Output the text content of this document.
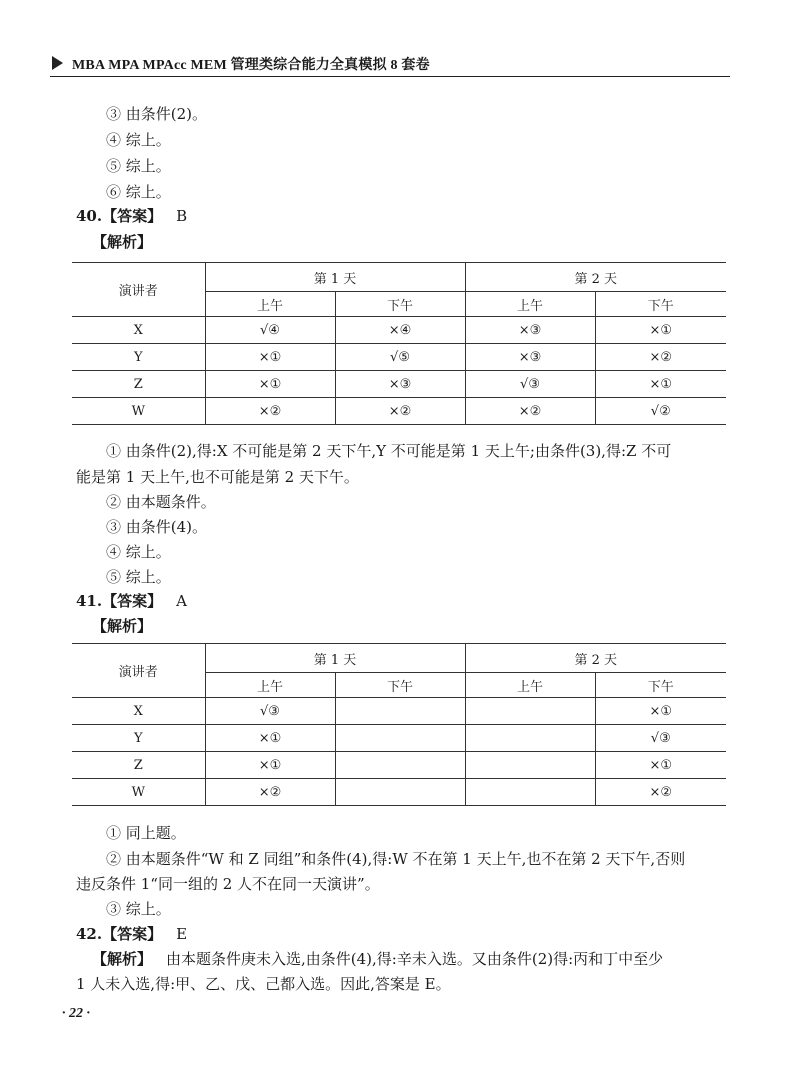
MBA MPA MPAcc MEM 管理类综合能力全真模拟 8 套卷
③ 由条件(2)。
④ 综上。
⑤ 综上。
⑥ 综上。
40.【答案】 B
【解析】
演讲者	第 1 天		第 2 天	
	上午	下午	上午	下午
X	√④	×④	×③	×①
Y	×①	√⑤	×③	×②
Z	×①	×③	√③	×①
W	×②	×②	×②	√②
① 由条件(2),得:X 不可能是第 2 天下午,Y 不可能是第 1 天上午;由条件(3),得:Z 不可
能是第 1 天上午,也不可能是第 2 天下午。
② 由本题条件。
③ 由条件(4)。
④ 综上。
⑤ 综上。
41.【答案】 A
【解析】
演讲者	第 1 天		第 2 天	
	上午	下午	上午	下午
X	√③			×①
Y	×①			√③
Z	×①			×①
W	×②			×②
① 同上题。
② 由本题条件“W 和 Z 同组”和条件(4),得:W 不在第 1 天上午,也不在第 2 天下午,否则
违反条件 1“同一组的 2 人不在同一天演讲”。
③ 综上。
42.【答案】 E
【解析】 由本题条件庚未入选,由条件(4),得:辛未入选。又由条件(2)得:丙和丁中至少
1 人未入选,得:甲、乙、戊、己都入选。因此,答案是 E。
· 22 ·
